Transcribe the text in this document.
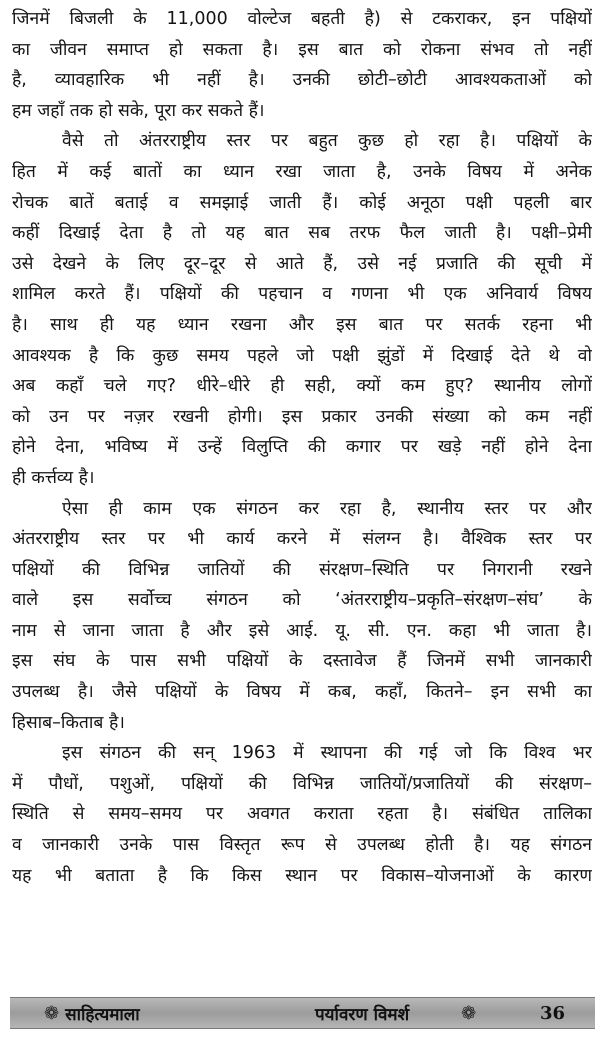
जिनमें बिजली के 11,000 वोल्टेज बहती है) से टकराकर, इन पक्षियों
का जीवन समाप्त हो सकता है। इस बात को रोकना संभव तो नहीं
है, व्यावहारिक भी नहीं है। उनकी छोटी–छोटी आवश्यकताओं को
हम जहाँ तक हो सके, पूरा कर सकते हैं।
वैसे तो अंतरराष्ट्रीय स्तर पर बहुत कुछ हो रहा है। पक्षियों के
हित में कई बातों का ध्यान रखा जाता है, उनके विषय में अनेक
रोचक बातें बताई व समझाई जाती हैं। कोई अनूठा पक्षी पहली बार
कहीं दिखाई देता है तो यह बात सब तरफ फैल जाती है। पक्षी–प्रेमी
उसे देखने के लिए दूर–दूर से आते हैं, उसे नई प्रजाति की सूची में
शामिल करते हैं। पक्षियों की पहचान व गणना भी एक अनिवार्य विषय
है। साथ ही यह ध्यान रखना और इस बात पर सतर्क रहना भी
आवश्यक है कि कुछ समय पहले जो पक्षी झुंडों में दिखाई देते थे वो
अब कहाँ चले गए? धीरे–धीरे ही सही, क्यों कम हुए? स्थानीय लोगों
को उन पर नज़र रखनी होगी। इस प्रकार उनकी संख्या को कम नहीं
होने देना, भविष्य में उन्हें विलुप्ति की कगार पर खड़े नहीं होने देना
ही कर्त्तव्य है।
ऐसा ही काम एक संगठन कर रहा है, स्थानीय स्तर पर और
अंतरराष्ट्रीय स्तर पर भी कार्य करने में संलग्न है। वैश्विक स्तर पर
पक्षियों की विभिन्न जातियों की संरक्षण–स्थिति पर निगरानी रखने
वाले इस सर्वोच्च संगठन को ‘अंतरराष्ट्रीय–प्रकृति–संरक्षण–संघ’ के
नाम से जाना जाता है और इसे आई. यू. सी. एन. कहा भी जाता है।
इस संघ के पास सभी पक्षियों के दस्तावेज हैं जिनमें सभी जानकारी
उपलब्ध है। जैसे पक्षियों के विषय में कब, कहाँ, कितने– इन सभी का
हिसाब–किताब है।
इस संगठन की सन् 1963 में स्थापना की गई जो कि विश्व भर
में पौधों, पशुओं, पक्षियों की विभिन्न जातियों/प्रजातियों की संरक्षण–
स्थिति से समय–समय पर अवगत कराता रहता है। संबंधित तालिका
व जानकारी उनके पास विस्तृत रूप से उपलब्ध होती है। यह संगठन
यह भी बताता है कि किस स्थान पर विकास–योजनाओं के कारण
❁ साहित्यमाला	पर्यावरण विमर्श	❁	36
